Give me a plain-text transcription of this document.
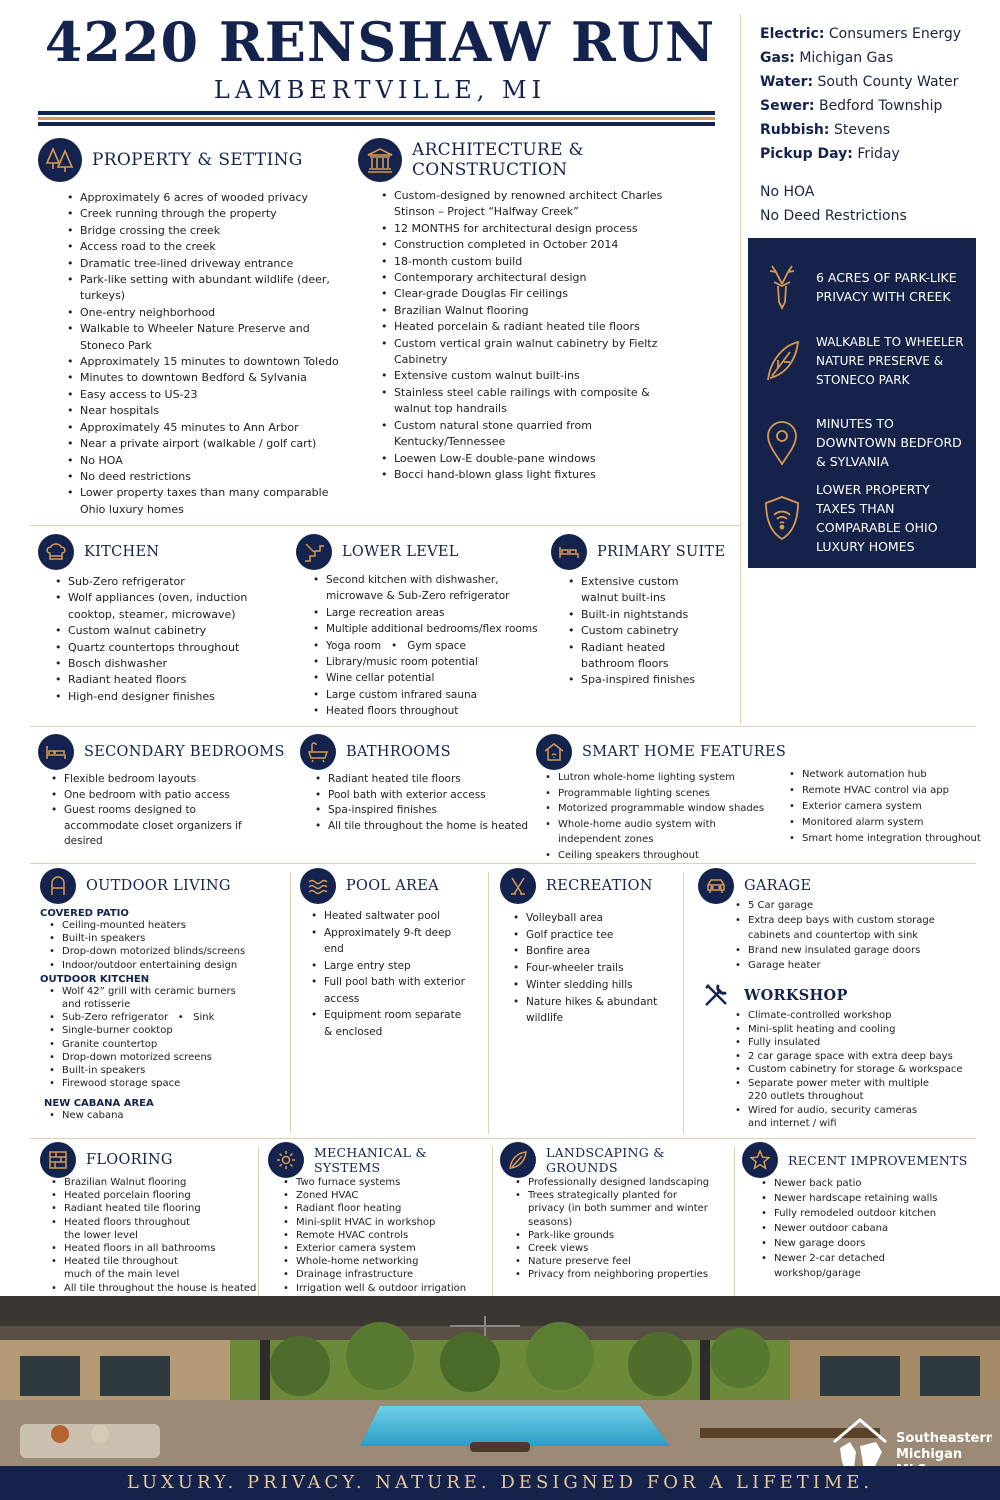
4220 RENSHAW RUN
LAMBERTVILLE, MI
Electric: Consumers Energy
Gas: Michigan Gas
Water: South County Water
Sewer: Bedford Township
Rubbish: Stevens
Pickup Day: Friday
No HOA
No Deed Restrictions
6 ACRES OF PARK-LIKE PRIVACY WITH CREEK
WALKABLE TO WHEELER NATURE PRESERVE & STONECO PARK
MINUTES TO DOWNTOWN BEDFORD & SYLVANIA
LOWER PROPERTY TAXES THAN COMPARABLE OHIO LUXURY HOMES
PROPERTY & SETTING
• Approximately 6 acres of wooded privacy
• Creek running through the property
• Bridge crossing the creek
• Access road to the creek
• Dramatic tree-lined driveway entrance
• Park-like setting with abundant wildlife (deer, turkeys)
• One-entry neighborhood
• Walkable to Wheeler Nature Preserve and Stoneco Park
• Approximately 15 minutes to downtown Toledo
• Minutes to downtown Bedford & Sylvania
• Easy access to US-23
• Near hospitals
• Approximately 45 minutes to Ann Arbor
• Near a private airport (walkable / golf cart)
• No HOA
• No deed restrictions
• Lower property taxes than many comparable Ohio luxury homes
ARCHITECTURE & CONSTRUCTION
• Custom-designed by renowned architect Charles Stinson – Project “Halfway Creek”
• 12 MONTHS for architectural design process
• Construction completed in October 2014
• 18-month custom build
• Contemporary architectural design
• Clear-grade Douglas Fir ceilings
• Brazilian Walnut flooring
• Heated porcelain & radiant heated tile floors
• Custom vertical grain walnut cabinetry by Fieltz Cabinetry
• Extensive custom walnut built-ins
• Stainless steel cable railings with composite & walnut top handrails
• Custom natural stone quarried from Kentucky/Tennessee
• Loewen Low-E double-pane windows
• Bocci hand-blown glass light fixtures
KITCHEN
• Sub-Zero refrigerator
• Wolf appliances (oven, induction cooktop, steamer, microwave)
• Custom walnut cabinetry
• Quartz countertops throughout
• Bosch dishwasher
• Radiant heated floors
• High-end designer finishes
LOWER LEVEL
• Second kitchen with dishwasher, microwave & Sub-Zero refrigerator
• Large recreation areas
• Multiple additional bedrooms/flex rooms
• Yoga room   •   Gym space
• Library/music room potential
• Wine cellar potential
• Large custom infrared sauna
• Heated floors throughout
PRIMARY SUITE
• Extensive custom walnut built-ins
• Built-in nightstands
• Custom cabinetry
• Radiant heated bathroom floors
• Spa-inspired finishes
SECONDARY BEDROOMS
• Flexible bedroom layouts
• One bedroom with patio access
• Guest rooms designed to accommodate closet organizers if desired
BATHROOMS
• Radiant heated tile floors
• Pool bath with exterior access
• Spa-inspired finishes
• All tile throughout the home is heated
SMART HOME FEATURES
• Lutron whole-home lighting system
• Programmable lighting scenes
• Motorized programmable window shades
• Whole-home audio system with independent zones
• Ceiling speakers throughout
• Network automation hub
• Remote HVAC control via app
• Exterior camera system
• Monitored alarm system
• Smart home integration throughout
OUTDOOR LIVING
COVERED PATIO
• Ceiling-mounted heaters
• Built-in speakers
• Drop-down motorized blinds/screens
• Indoor/outdoor entertaining design
OUTDOOR KITCHEN
• Wolf 42” grill with ceramic burners and rotisserie
• Sub-Zero refrigerator   •   Sink
• Single-burner cooktop
• Granite countertop
• Drop-down motorized screens
• Built-in speakers
• Firewood storage space
NEW CABANA AREA
• New cabana
POOL AREA
• Heated saltwater pool
• Approximately 9-ft deep end
• Large entry step
• Full pool bath with exterior access
• Equipment room separate & enclosed
RECREATION
• Volleyball area
• Golf practice tee
• Bonfire area
• Four-wheeler trails
• Winter sledding hills
• Nature hikes & abundant wildlife
GARAGE
• 5 Car garage
• Extra deep bays with custom storage cabinets and countertop with sink
• Brand new insulated garage doors
• Garage heater
WORKSHOP
• Climate-controlled workshop
• Mini-split heating and cooling
• Fully insulated
• 2 car garage space with extra deep bays
• Custom cabinetry for storage & workspace
• Separate power meter with multiple 220 outlets throughout
• Wired for audio, security cameras and internet / wifi
FLOORING
• Brazilian Walnut flooring
• Heated porcelain flooring
• Radiant heated tile flooring
• Heated floors throughout the lower level
• Heated floors in all bathrooms
• Heated tile throughout much of the main level
• All tile throughout the house is heated
MECHANICAL & SYSTEMS
• Two furnace systems
• Zoned HVAC
• Radiant floor heating
• Mini-split HVAC in workshop
• Remote HVAC controls
• Exterior camera system
• Whole-home networking
• Drainage infrastructure
• Irrigation well & outdoor irrigation
LANDSCAPING & GROUNDS
• Professionally designed landscaping
• Trees strategically planted for privacy (in both summer and winter seasons)
• Park-like grounds
• Creek views
• Nature preserve feel
• Privacy from neighboring properties
RECENT IMPROVEMENTS
• Newer back patio
• Newer hardscape retaining walls
• Fully remodeled outdoor kitchen
• Newer outdoor cabana
• New garage doors
• Newer 2-car detached workshop/garage
Southeastern
Michigan
LUXURY. PRIVACY. NATURE. DESIGNED FOR A LIFETIME.
